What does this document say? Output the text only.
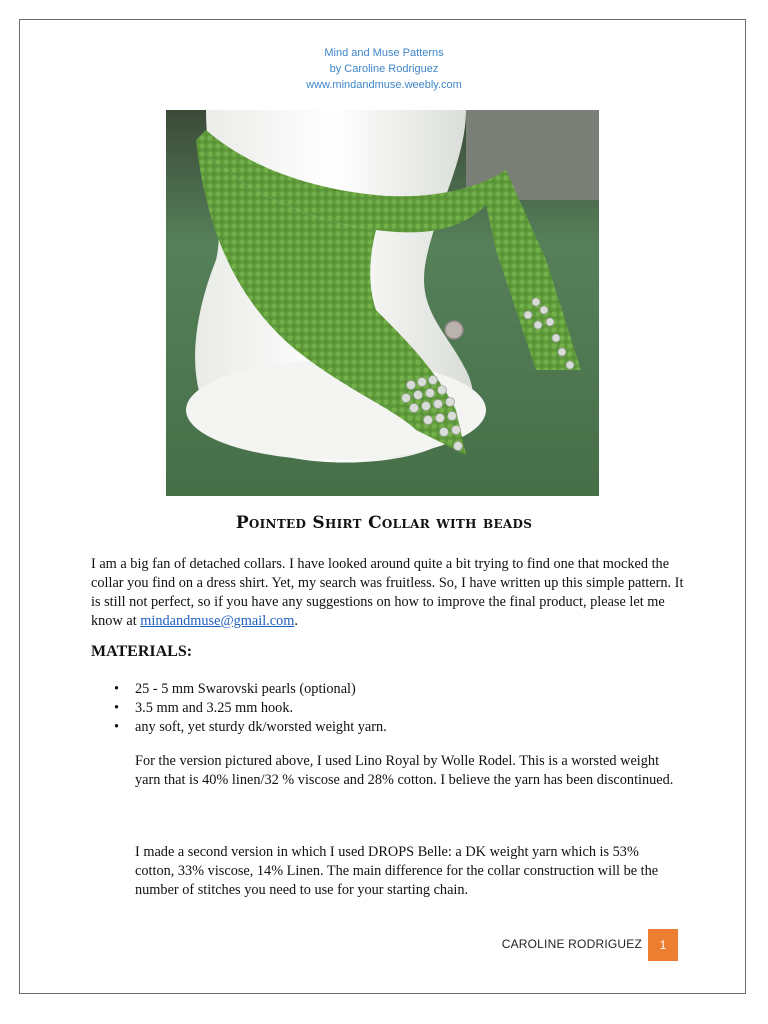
Mind and Muse Patterns
by Caroline Rodriguez
www.mindandmuse.weebly.com
Pointed Shirt Collar with beads
I am a big fan of detached collars. I have looked around quite a bit trying to find one that mocked the collar you find on a dress shirt. Yet, my search was fruitless. So, I have written up this simple pattern. It is still not perfect, so if you have any suggestions on how to improve the final product, please let me know at mindandmuse@gmail.com.
MATERIALS:
• 25 - 5 mm Swarovski pearls (optional)
• 3.5 mm and 3.25 mm hook.
• any soft, yet sturdy dk/worsted weight yarn.
For the version pictured above, I used Lino Royal by Wolle Rodel. This is a worsted weight yarn that is 40% linen/32 % viscose and 28% cotton. I believe the yarn has been discontinued.
I made a second version in which I used DROPS Belle: a DK weight yarn which is 53% cotton, 33% viscose, 14% Linen. The main difference for the collar construction will be the number of stitches you need to use for your starting chain.
CAROLINE RODRIGUEZ	1
